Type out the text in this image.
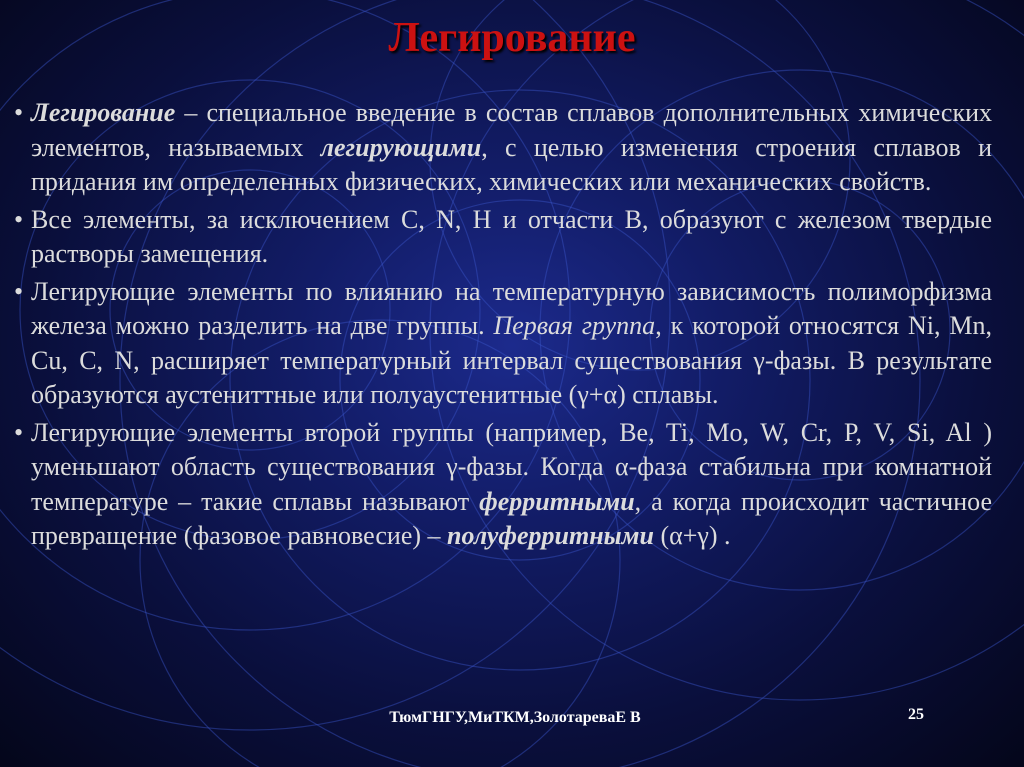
Легирование

• Легирование – специальное введение в состав сплавов дополнительных химических элементов, называемых легирующими, с целью изменения строения сплавов и придания им определенных физических, химических или механических свойств.

• Все элементы, за исключением C, N, H и отчасти B, образуют с железом твердые растворы замещения.

• Легирующие элементы по влиянию на температурную зависимость полиморфизма железа можно разделить на две группы. Первая группа, к которой относятся Ni, Mn, Cu, C, N, расширяет температурный интервал существования γ-фазы. В результате образуются аустениттные или полуаустенитные (γ+α) сплавы.

• Легирующие элементы второй группы (например, Be, Ti, Mo, W, Cr, P, V, Si, Al ) уменьшают область существования γ-фазы. Когда α-фаза стабильна при комнатной температуре – такие сплавы называют ферритными, а когда происходит частичное превращение (фазовое равновесие) – полуферритными (α+γ) .

ТюмГНГУ,МиТКМ,ЗолотареваЕ В	25
